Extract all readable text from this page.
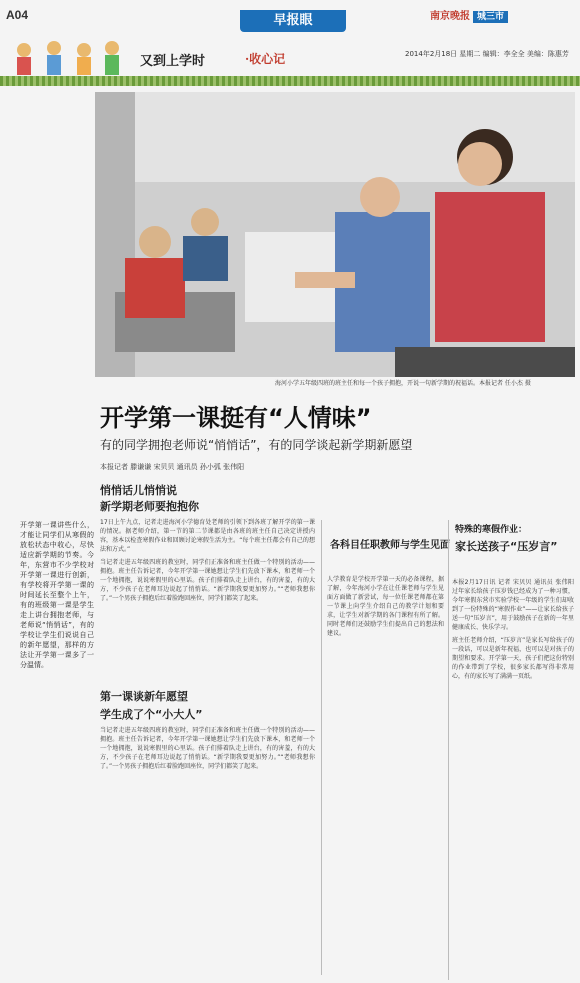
A04	早报眼	南京晚报 城三市
又到上学时	·收心记	2014年2月18日 星期二 编辑：李全全 美编：陈惠芳
海河小学五年级四班的班主任和每一个孩子拥抱，开说一句新学期的祝福话。本报记者 任小杰 摄
开学第一课挺有“人情味”
有的同学拥抱老师说“悄悄话”，有的同学谈起新学期新愿望
本报记者 滕谦谦 宋贝贝 通讯员 孙小弧 张伟阳
悄悄话儿悄悄说
新学期老师要抱抱你
开学第一课讲些什么，才能让同学们从寒假的放松状态中收心，尽快适应新学期的节奏。今年，东营市不少学校对开学第一课进行创新，有学校将开学第一课的时间延长至整个上午，有的班级第一课是学生走上讲台拥抱老师，与老师说“悄悄话”，有的学校让学生们说说自己的新年愿望，那样的方法让开学第一课多了一分温情。
17日上午九点，记者走进海河小学德育处老师的引领下到各班了解开学的第一课的情况。据老师介绍，第一节的第二节课都是由各班的班主任自己决定讲授内容，基本以检查寒假作业和回顾讨论寒假生活为主。“每个班主任都会有自己的想法和方式。”
当记者走进五年级四班的教室时，同学们正准备和班主任做一个特别的活动——拥抱。班主任告诉记者，今年开学第一课她想让学生们先放下课本，和老师一个一个地拥抱，说说寒假里的心里话。孩子们排着队走上讲台，有的害羞，有的大方，不少孩子在老师耳边说起了悄悄话。“新学期我要更加努力。”“老师我想你了。”一个男孩子拥抱后红着脸跑回座位，同学们都笑了起来。
第一课谈新年愿望
学生成了个“小大人”
当记者走进五年级四班的教室时，同学们正准备和班主任做一个特别的活动——拥抱。班主任告诉记者，今年开学第一课她想让学生们先放下课本，和老师一个一个地拥抱，说说寒假里的心里话。孩子们排着队走上讲台，有的害羞，有的大方，不少孩子在老师耳边说起了悄悄话。“新学期我要更加努力。”“老师我想你了。”一个男孩子拥抱后红着脸跑回座位，同学们都笑了起来。
各科目任职教师与学生见面
人学教育是学校开学第一天的必备课程，据了解，今年海河小学在让任课老师与学生见面方面做了新尝试，每一位任课老师都在第一节课上向学生介绍自己的教学计划和要求，让学生对新学期的各门课程有所了解。同时老师们还鼓励学生们提出自己的想法和建议。
特殊的寒假作业：
家长送孩子“压岁言”
本报2月17日讯 记者 宋贝贝 通讯员 张伟阳 过年家长给孩子压岁钱已经成为了一种习惯，今年寒假东营市实验学校一年级的学生们却收到了一份特殊的“寒假作业”——让家长给孩子送一句“压岁言”，用于鼓励孩子在新的一年里健康成长、快乐学习。
班主任老师介绍，“压岁言”是家长写给孩子的一段话，可以是新年祝福，也可以是对孩子的期望和要求。开学第一天，孩子们把这份特别的作业带到了学校，很多家长都写得非常用心，有的家长写了满满一页纸。
